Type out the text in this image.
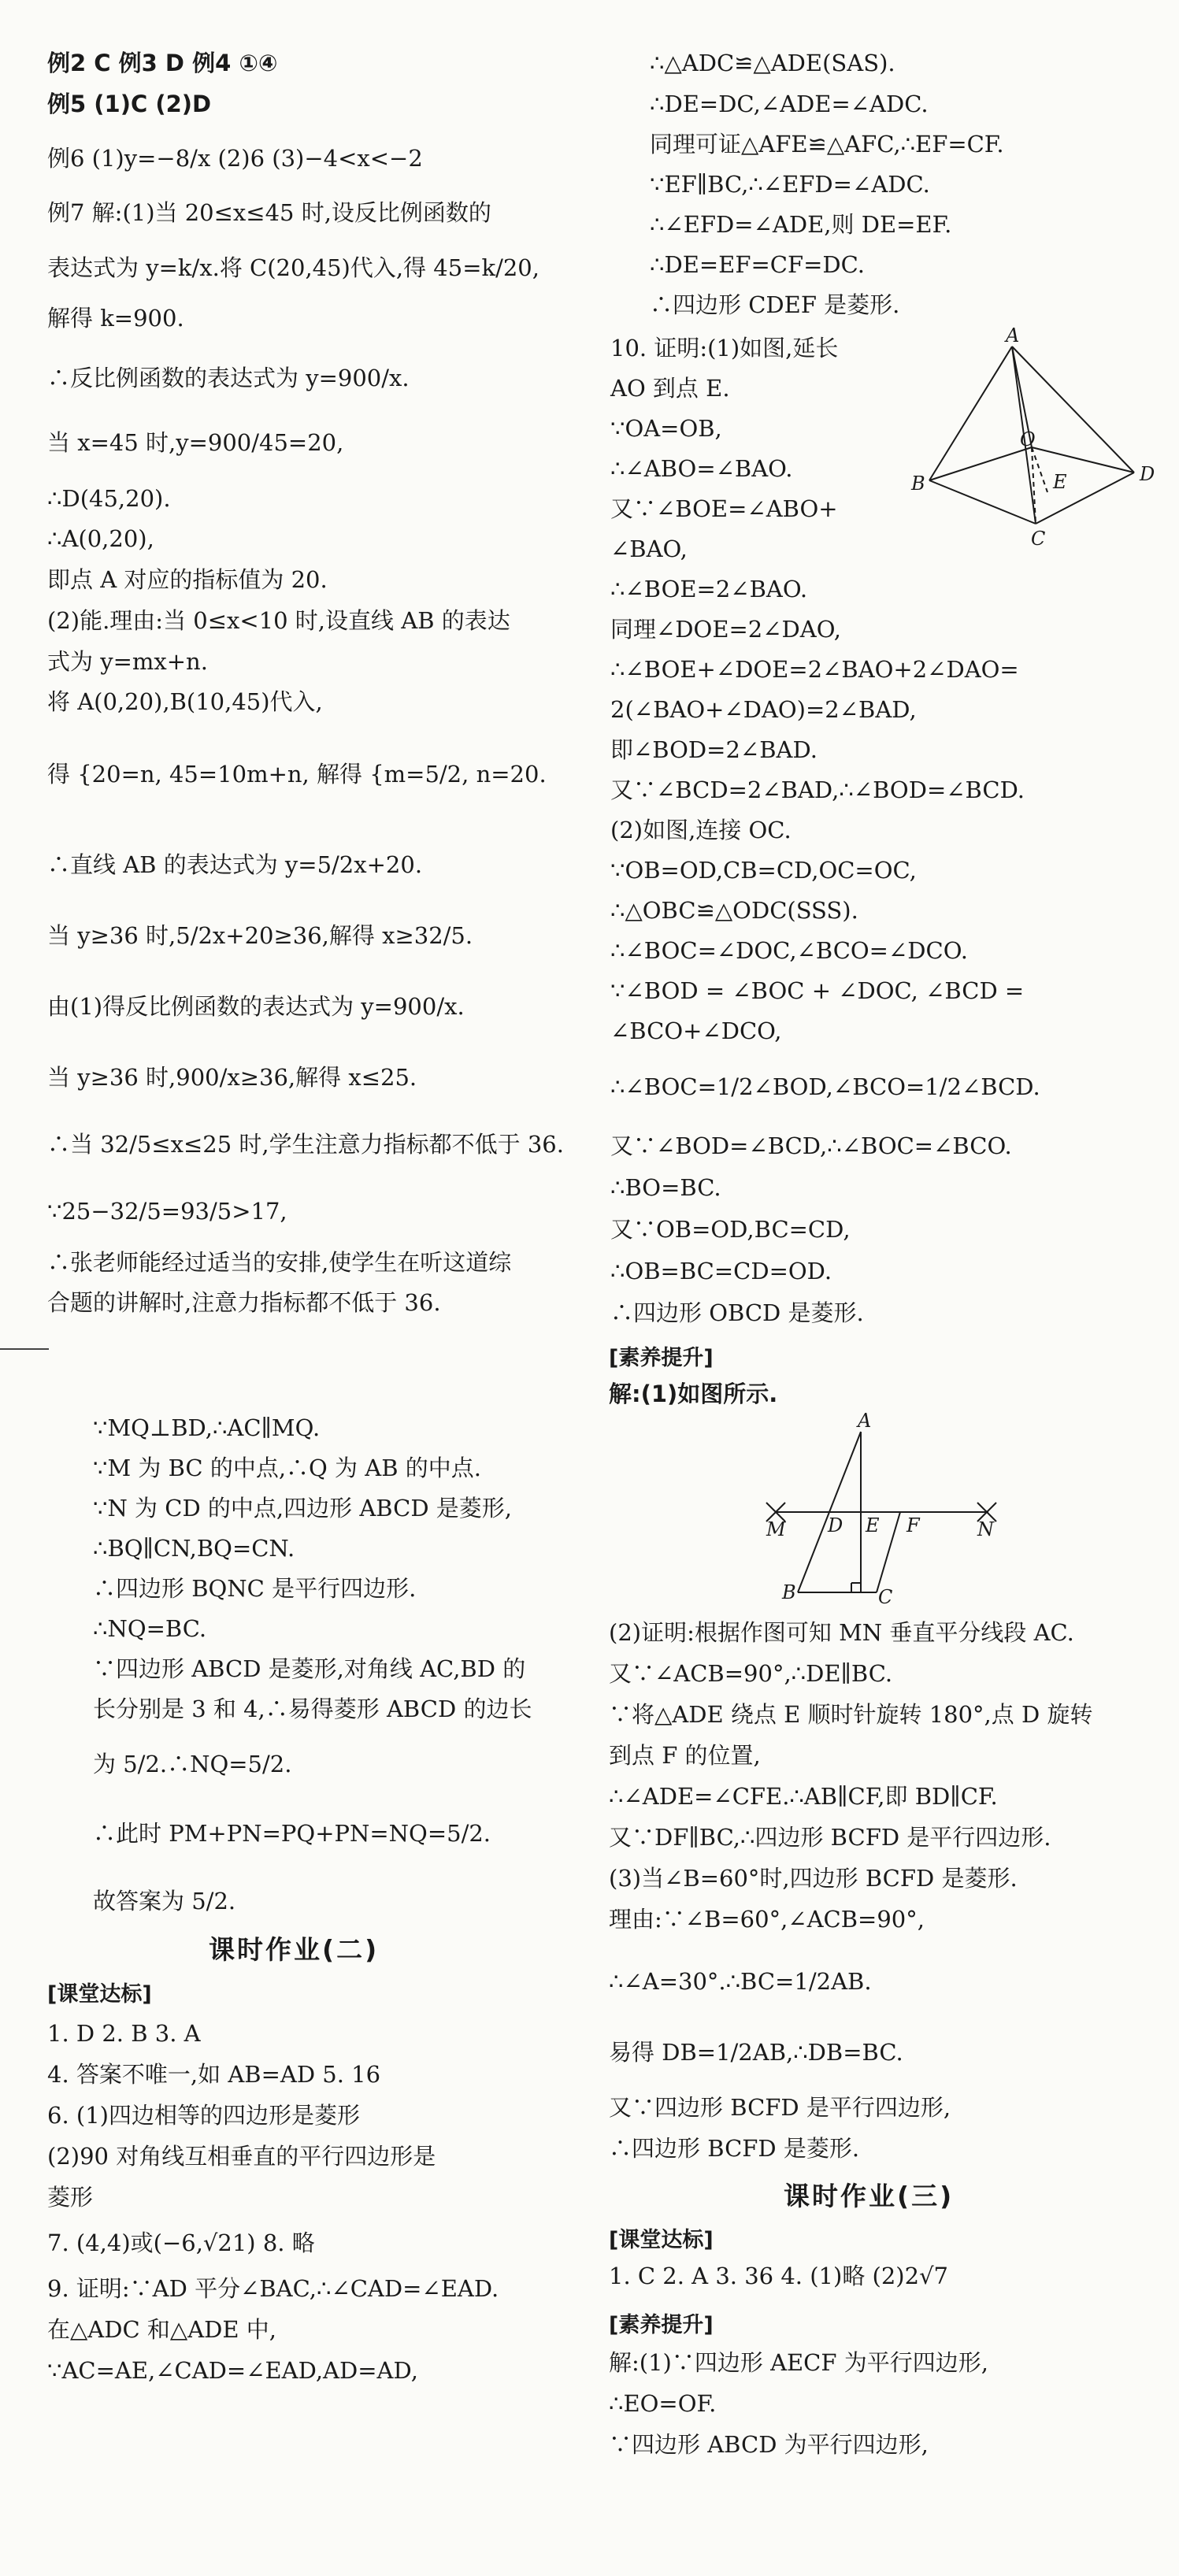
例2 C 例3 D 例4 ①④
例5 (1)C (2)D
例6 (1)y=−8/x (2)6 (3)−4<x<−2
例7 解:(1)当 20≤x≤45 时,设反比例函数的
表达式为 y=k/x.将 C(20,45)代入,得 45=k/20,
解得 k=900.
∴反比例函数的表达式为 y=900/x.
当 x=45 时,y=900/45=20,
∴D(45,20).
∴A(0,20),
即点 A 对应的指标值为 20.
(2)能.理由:当 0≤x<10 时,设直线 AB 的表达
式为 y=mx+n.
将 A(0,20),B(10,45)代入,
得 {20=n, 45=10m+n, 解得 {m=5/2, n=20.
∴直线 AB 的表达式为 y=5/2x+20.
当 y≥36 时,5/2x+20≥36,解得 x≥32/5.
由(1)得反比例函数的表达式为 y=900/x.
当 y≥36 时,900/x≥36,解得 x≤25.
∴当 32/5≤x≤25 时,学生注意力指标都不低于 36.
∵25−32/5=93/5>17,
∴张老师能经过适当的安排,使学生在听这道综
合题的讲解时,注意力指标都不低于 36.
∵MQ⊥BD,∴AC∥MQ.
∵M 为 BC 的中点,∴Q 为 AB 的中点.
∵N 为 CD 的中点,四边形 ABCD 是菱形,
∴BQ∥CN,BQ=CN.
∴四边形 BQNC 是平行四边形.
∴NQ=BC.
∵四边形 ABCD 是菱形,对角线 AC,BD 的
长分别是 3 和 4,∴易得菱形 ABCD 的边长
为 5/2.∴NQ=5/2.
∴此时 PM+PN=PQ+PN=NQ=5/2.
故答案为 5/2.
课时作业(二)
[课堂达标]
1. D 2. B 3. A
4. 答案不唯一,如 AB=AD 5. 16
6. (1)四边相等的四边形是菱形
(2)90 对角线互相垂直的平行四边形是
菱形
7. (4,4)或(−6,√21) 8. 略
9. 证明:∵AD 平分∠BAC,∴∠CAD=∠EAD.
在△ADC 和△ADE 中,
∵AC=AE,∠CAD=∠EAD,AD=AD,
∴△ADC≌△ADE(SAS).
∴DE=DC,∠ADE=∠ADC.
同理可证△AFE≌△AFC,∴EF=CF.
∵EF∥BC,∴∠EFD=∠ADC.
∴∠EFD=∠ADE,则 DE=EF.
∴DE=EF=CF=DC.
∴四边形 CDEF 是菱形.
10. 证明:(1)如图,延长
AO 到点 E.
∵OA=OB,
∴∠ABO=∠BAO.
又∵∠BOE=∠ABO+
∠BAO,
∴∠BOE=2∠BAO.
同理∠DOE=2∠DAO,
∴∠BOE+∠DOE=2∠BAO+2∠DAO=
2(∠BAO+∠DAO)=2∠BAD,
即∠BOD=2∠BAD.
又∵∠BCD=2∠BAD,∴∠BOD=∠BCD.
(2)如图,连接 OC.
∵OB=OD,CB=CD,OC=OC,
∴△OBC≌△ODC(SSS).
∴∠BOC=∠DOC,∠BCO=∠DCO.
∵∠BOD = ∠BOC + ∠DOC, ∠BCD =
∠BCO+∠DCO,
∴∠BOC=1/2∠BOD,∠BCO=1/2∠BCD.
又∵∠BOD=∠BCD,∴∠BOC=∠BCO.
∴BO=BC.
又∵OB=OD,BC=CD,
∴OB=BC=CD=OD.
∴四边形 OBCD 是菱形.
A
B
O
E	D
C
[素养提升]
解:(1)如图所示.
A
M D E F	N
B	C
(2)证明:根据作图可知 MN 垂直平分线段 AC.
又∵∠ACB=90°,∴DE∥BC.
∵将△ADE 绕点 E 顺时针旋转 180°,点 D 旋转
到点 F 的位置,
∴∠ADE=∠CFE.∴AB∥CF,即 BD∥CF.
又∵DF∥BC,∴四边形 BCFD 是平行四边形.
(3)当∠B=60°时,四边形 BCFD 是菱形.
理由:∵∠B=60°,∠ACB=90°,
∴∠A=30°.∴BC=1/2AB.
易得 DB=1/2AB,∴DB=BC.
又∵四边形 BCFD 是平行四边形,
∴四边形 BCFD 是菱形.
课时作业(三)
[课堂达标]
1. C 2. A 3. 36 4. (1)略 (2)2√7
[素养提升]
解:(1)∵四边形 AECF 为平行四边形,
∴EO=OF.
∵四边形 ABCD 为平行四边形,
